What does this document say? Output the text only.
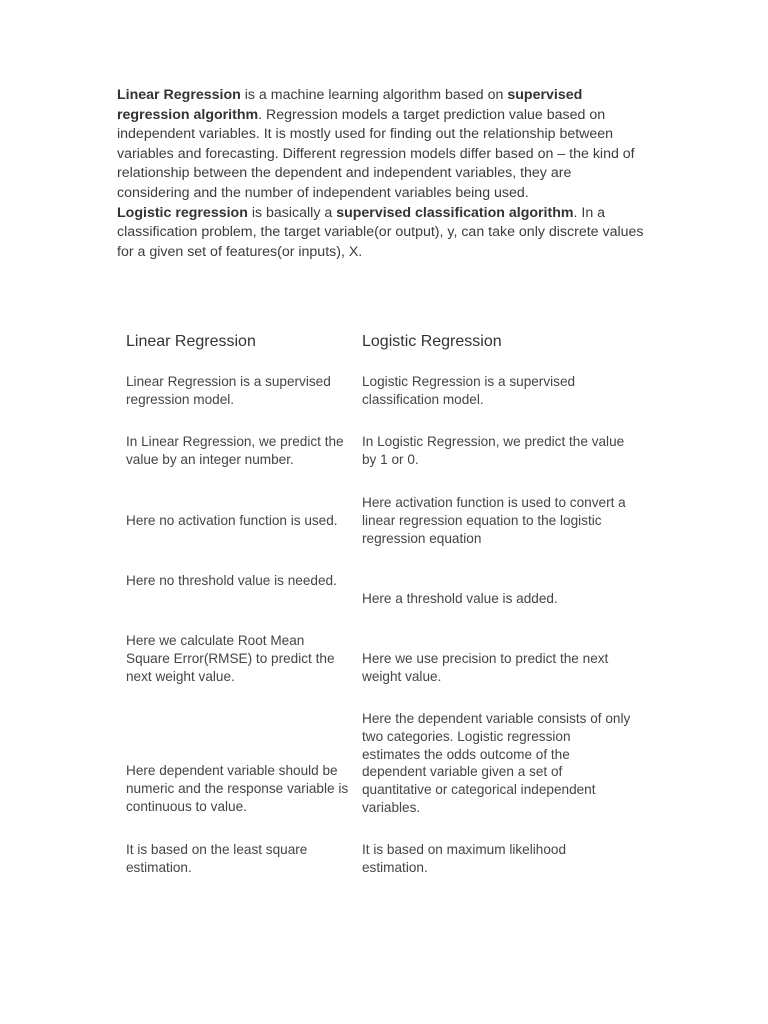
Linear Regression is a machine learning algorithm based on supervised regression algorithm. Regression models a target prediction value based on independent variables. It is mostly used for finding out the relationship between variables and forecasting. Different regression models differ based on – the kind of relationship between the dependent and independent variables, they are considering and the number of independent variables being used.

Logistic regression is basically a supervised classification algorithm. In a classification problem, the target variable(or output), y, can take only discrete values for a given set of features(or inputs), X.

Linear Regression	Logistic Regression
Linear Regression is a supervised regression model.
Logistic Regression is a supervised classification model.
In Linear Regression, we predict the value by an integer number.
In Logistic Regression, we predict the value by 1 or 0.
Here no activation function is used.
Here activation function is used to convert a linear regression equation to the logistic regression equation
Here no threshold value is needed.
Here a threshold value is added.
Here we calculate Root Mean Square Error(RMSE) to predict the next weight value.
Here we use precision to predict the next weight value.
Here dependent variable should be numeric and the response variable is continuous to value.
Here the dependent variable consists of only two categories. Logistic regression estimates the odds outcome of the dependent variable given a set of quantitative or categorical independent variables.
It is based on the least square estimation.
It is based on maximum likelihood estimation.
